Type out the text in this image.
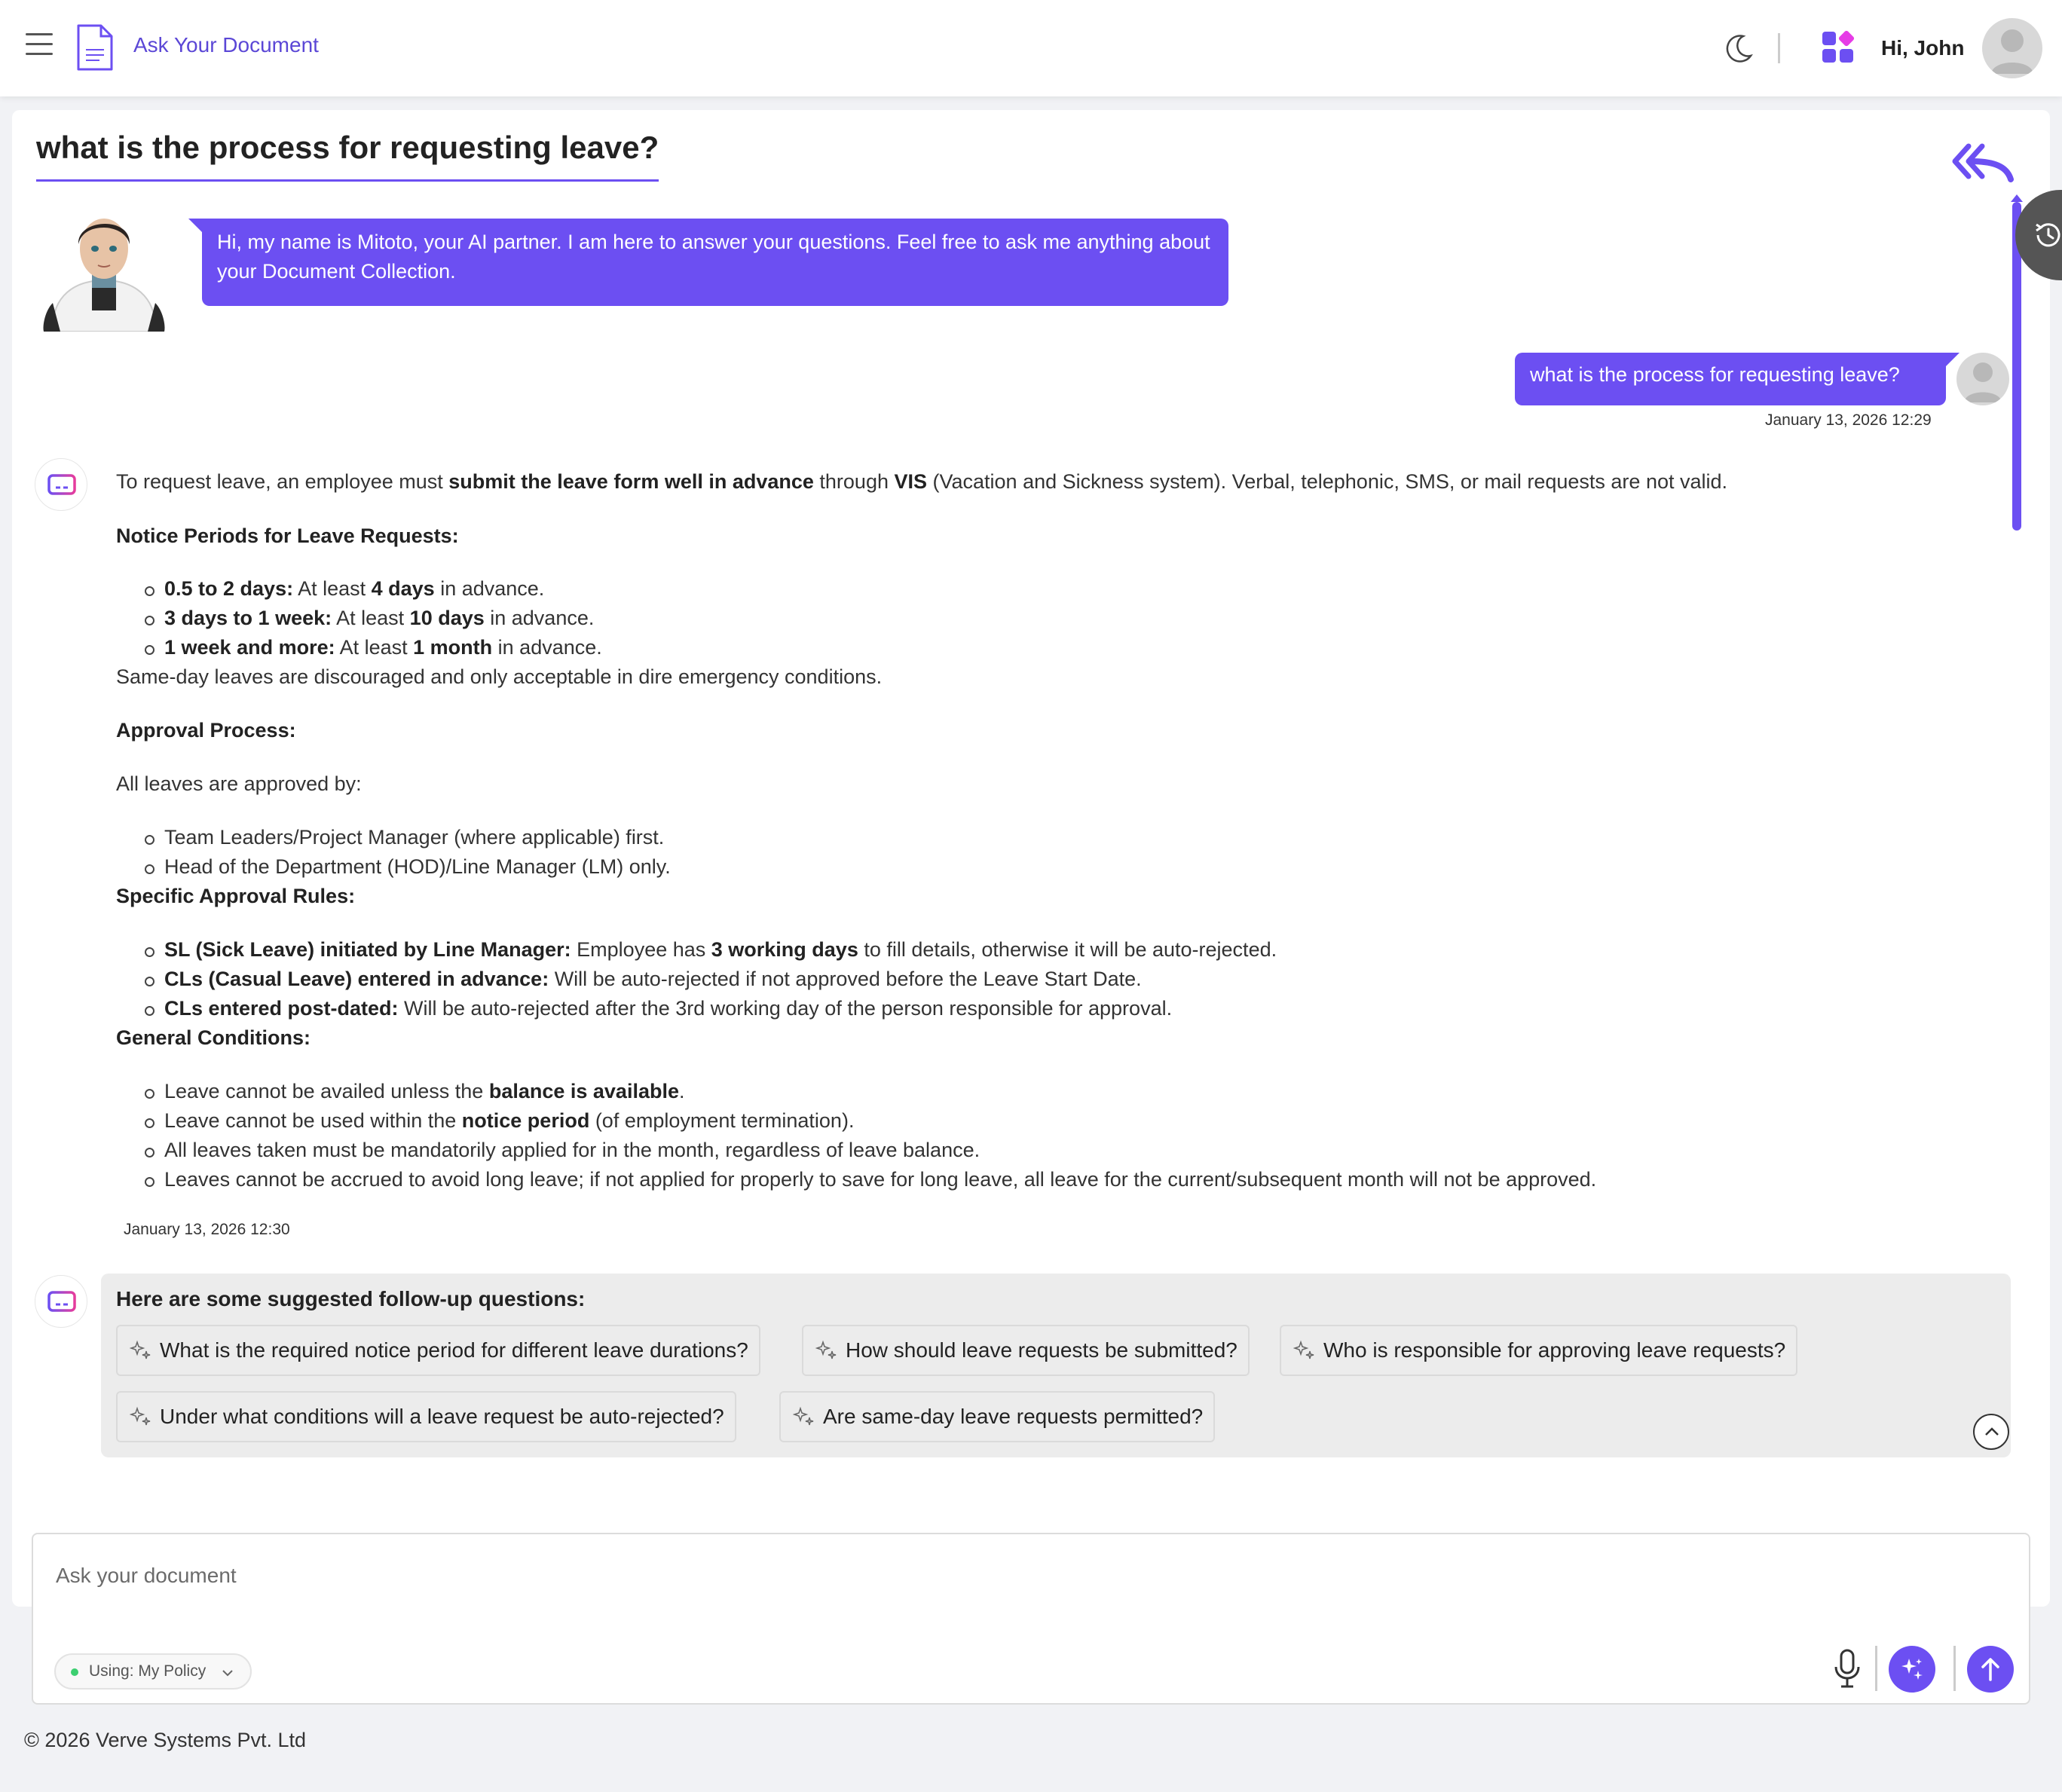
Ask Your Document	Hi, John
what is the process for requesting leave?
Hi, my name is Mitoto, your AI partner. I am here to answer your questions. Feel free to ask me anything about your Document Collection.
what is the process for requesting leave?
January 13, 2026 12:29
To request leave, an employee must submit the leave form well in advance through VIS (Vacation and Sickness system). Verbal, telephonic, SMS, or mail requests are not valid.
Notice Periods for Leave Requests:
0.5 to 2 days: At least 4 days in advance.
3 days to 1 week: At least 10 days in advance.
1 week and more: At least 1 month in advance.
Same-day leaves are discouraged and only acceptable in dire emergency conditions.
Approval Process:
All leaves are approved by:
Team Leaders/Project Manager (where applicable) first.
Head of the Department (HOD)/Line Manager (LM) only.
Specific Approval Rules:
SL (Sick Leave) initiated by Line Manager: Employee has 3 working days to fill details, otherwise it will be auto-rejected.
CLs (Casual Leave) entered in advance: Will be auto-rejected if not approved before the Leave Start Date.
CLs entered post-dated: Will be auto-rejected after the 3rd working day of the person responsible for approval.
General Conditions:
Leave cannot be availed unless the balance is available.
Leave cannot be used within the notice period (of employment termination).
All leaves taken must be mandatorily applied for in the month, regardless of leave balance.
Leaves cannot be accrued to avoid long leave; if not applied for properly to save for long leave, all leave for the current/subsequent month will not be approved.
January 13, 2026 12:30
Here are some suggested follow-up questions:
What is the required notice period for different leave durations?	How should leave requests be submitted?	Who is responsible for approving leave requests?
Under what conditions will a leave request be auto-rejected?	Are same-day leave requests permitted?
Ask your document
Using: My Policy
© 2026 Verve Systems Pvt. Ltd
